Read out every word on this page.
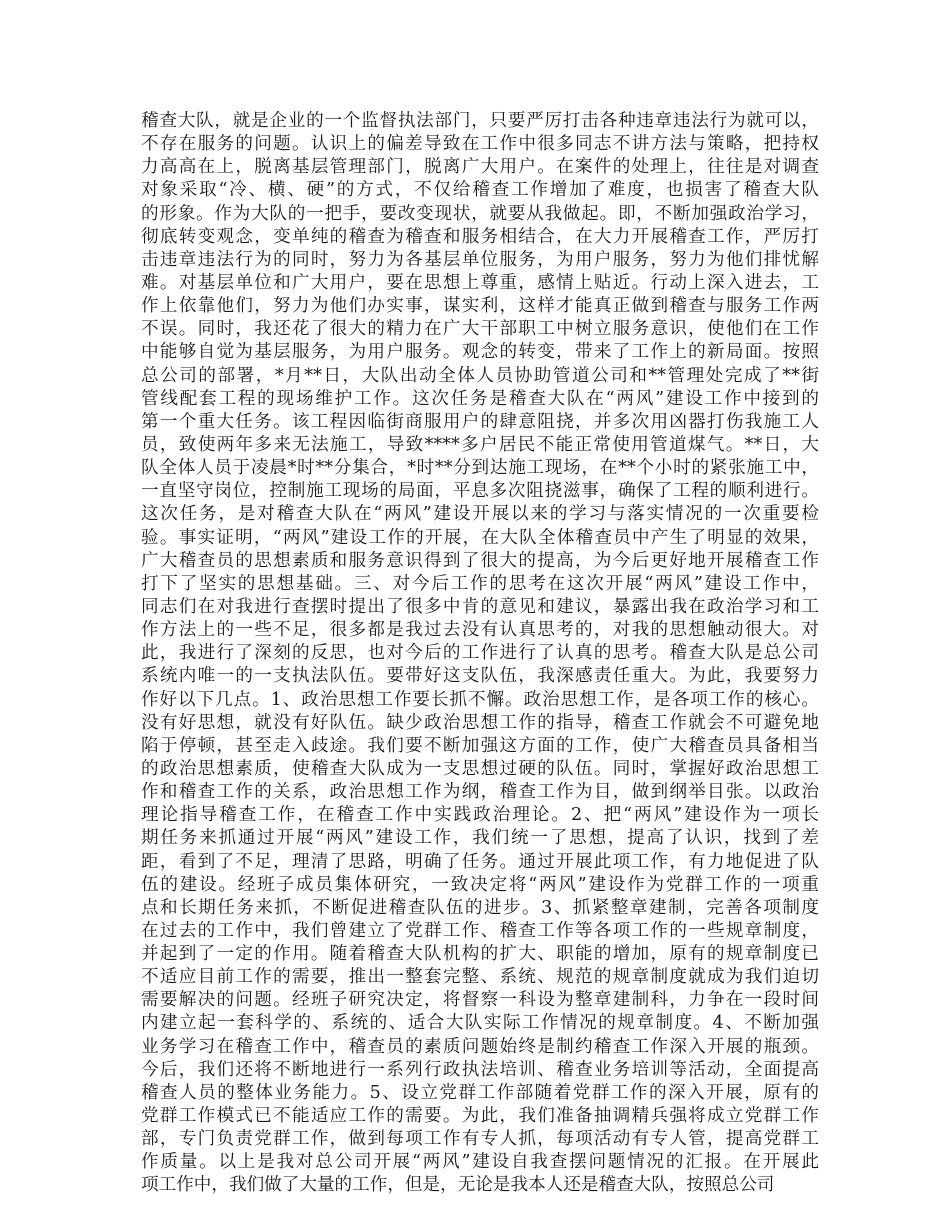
稽查大队，就是企业的一个监督执法部门，只要严厉打击各种违章违法行为就可以，
不存在服务的问题。认识上的偏差导致在工作中很多同志不讲方法与策略，把持权
力高高在上，脱离基层管理部门，脱离广大用户。在案件的处理上，往往是对调查
对象采取“冷、横、硬”的方式，不仅给稽查工作增加了难度，也损害了稽查大队
的形象。作为大队的一把手，要改变现状，就要从我做起。即，不断加强政治学习，
彻底转变观念，变单纯的稽查为稽查和服务相结合，在大力开展稽查工作，严厉打
击违章违法行为的同时，努力为各基层单位服务，为用户服务，努力为他们排忧解
难。对基层单位和广大用户，要在思想上尊重，感情上贴近。行动上深入进去，工
作上依靠他们，努力为他们办实事，谋实利，这样才能真正做到稽查与服务工作两
不误。同时，我还花了很大的精力在广大干部职工中树立服务意识，使他们在工作
中能够自觉为基层服务，为用户服务。观念的转变，带来了工作上的新局面。按照
总公司的部署，*月**日，大队出动全体人员协助管道公司和**管理处完成了**街
管线配套工程的现场维护工作。这次任务是稽查大队在“两风”建设工作中接到的
第一个重大任务。该工程因临街商服用户的肆意阻挠，并多次用凶器打伤我施工人
员，致使两年多来无法施工，导致****多户居民不能正常使用管道煤气。**日，大
队全体人员于凌晨*时**分集合，*时**分到达施工现场，在**个小时的紧张施工中，
一直坚守岗位，控制施工现场的局面，平息多次阻挠滋事，确保了工程的顺利进行。
这次任务，是对稽查大队在“两风”建设开展以来的学习与落实情况的一次重要检
验。事实证明，“两风”建设工作的开展，在大队全体稽查员中产生了明显的效果，
广大稽查员的思想素质和服务意识得到了很大的提高，为今后更好地开展稽查工作
打下了坚实的思想基础。三、对今后工作的思考在这次开展“两风”建设工作中，
同志们在对我进行查摆时提出了很多中肯的意见和建议，暴露出我在政治学习和工
作方法上的一些不足，很多都是我过去没有认真思考的，对我的思想触动很大。对
此，我进行了深刻的反思，也对今后的工作进行了认真的思考。稽查大队是总公司
系统内唯一的一支执法队伍。要带好这支队伍，我深感责任重大。为此，我要努力
作好以下几点。1、政治思想工作要长抓不懈。政治思想工作，是各项工作的核心。
没有好思想，就没有好队伍。缺少政治思想工作的指导，稽查工作就会不可避免地
陷于停顿，甚至走入歧途。我们要不断加强这方面的工作，使广大稽查员具备相当
的政治思想素质，使稽查大队成为一支思想过硬的队伍。同时，掌握好政治思想工
作和稽查工作的关系，政治思想工作为纲，稽查工作为目，做到纲举目张。以政治
理论指导稽查工作，在稽查工作中实践政治理论。2、把“两风”建设作为一项长
期任务来抓通过开展“两风”建设工作，我们统一了思想，提高了认识，找到了差
距，看到了不足，理清了思路，明确了任务。通过开展此项工作，有力地促进了队
伍的建设。经班子成员集体研究，一致决定将“两风”建设作为党群工作的一项重
点和长期任务来抓，不断促进稽查队伍的进步。3、抓紧整章建制，完善各项制度
在过去的工作中，我们曾建立了党群工作、稽查工作等各项工作的一些规章制度，
并起到了一定的作用。随着稽查大队机构的扩大、职能的增加，原有的规章制度已
不适应目前工作的需要，推出一整套完整、系统、规范的规章制度就成为我们迫切
需要解决的问题。经班子研究决定，将督察一科设为整章建制科，力争在一段时间
内建立起一套科学的、系统的、适合大队实际工作情况的规章制度。4、不断加强
业务学习在稽查工作中，稽查员的素质问题始终是制约稽查工作深入开展的瓶颈。
今后，我们还将不断地进行一系列行政执法培训、稽查业务培训等活动，全面提高
稽查人员的整体业务能力。5、设立党群工作部随着党群工作的深入开展，原有的
党群工作模式已不能适应工作的需要。为此，我们准备抽调精兵强将成立党群工作
部，专门负责党群工作，做到每项工作有专人抓，每项活动有专人管，提高党群工
作质量。以上是我对总公司开展“两风”建设自我查摆问题情况的汇报。在开展此
项工作中，我们做了大量的工作，但是，无论是我本人还是稽查大队，按照总公司
